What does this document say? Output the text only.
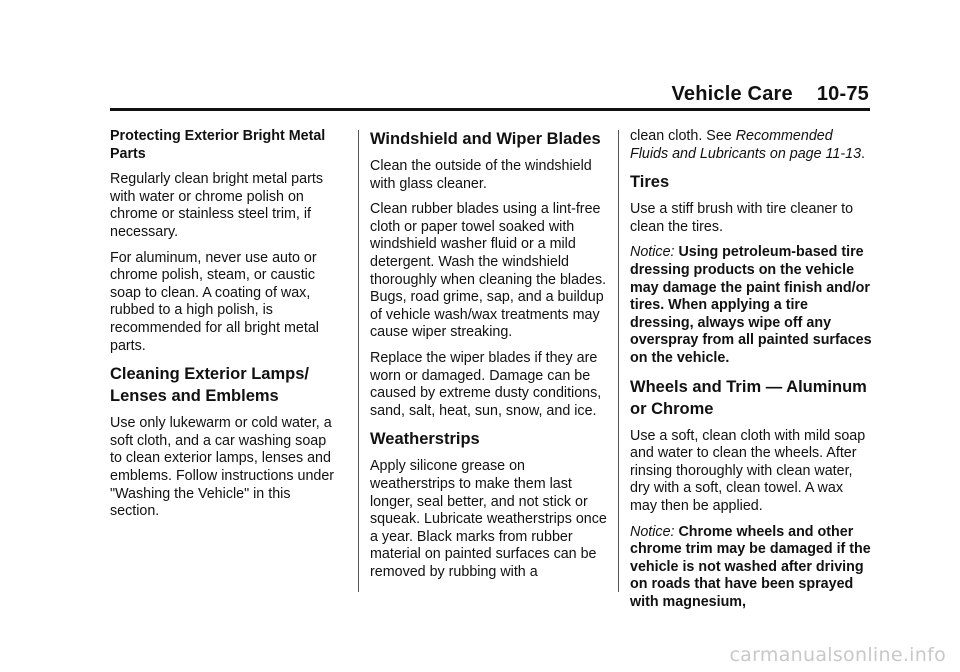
Vehicle Care 10-75
Protecting Exterior Bright Metal Parts

Regularly clean bright metal parts with water or chrome polish on chrome or stainless steel trim, if necessary.

For aluminum, never use auto or chrome polish, steam, or caustic soap to clean. A coating of wax, rubbed to a high polish, is recommended for all bright metal parts.

Cleaning Exterior Lamps/ Lenses and Emblems

Use only lukewarm or cold water, a soft cloth, and a car washing soap to clean exterior lamps, lenses and emblems. Follow instructions under "Washing the Vehicle" in this section.

Windshield and Wiper Blades

Clean the outside of the windshield with glass cleaner.

Clean rubber blades using a lint-free cloth or paper towel soaked with windshield washer fluid or a mild detergent. Wash the windshield thoroughly when cleaning the blades. Bugs, road grime, sap, and a buildup of vehicle wash/wax treatments may cause wiper streaking.

Replace the wiper blades if they are worn or damaged. Damage can be caused by extreme dusty conditions, sand, salt, heat, sun, snow, and ice.

Weatherstrips

Apply silicone grease on weatherstrips to make them last longer, seal better, and not stick or squeak. Lubricate weatherstrips once a year. Black marks from rubber material on painted surfaces can be removed by rubbing with a

clean cloth. See Recommended Fluids and Lubricants on page 11-13.

Tires

Use a stiff brush with tire cleaner to clean the tires.

Notice: Using petroleum-based tire dressing products on the vehicle may damage the paint finish and/or tires. When applying a tire dressing, always wipe off any overspray from all painted surfaces on the vehicle.

Wheels and Trim — Aluminum or Chrome

Use a soft, clean cloth with mild soap and water to clean the wheels. After rinsing thoroughly with clean water, dry with a soft, clean towel. A wax may then be applied.

Notice: Chrome wheels and other chrome trim may be damaged if the vehicle is not washed after driving on roads that have been sprayed with magnesium,

carmanualsonline.info
